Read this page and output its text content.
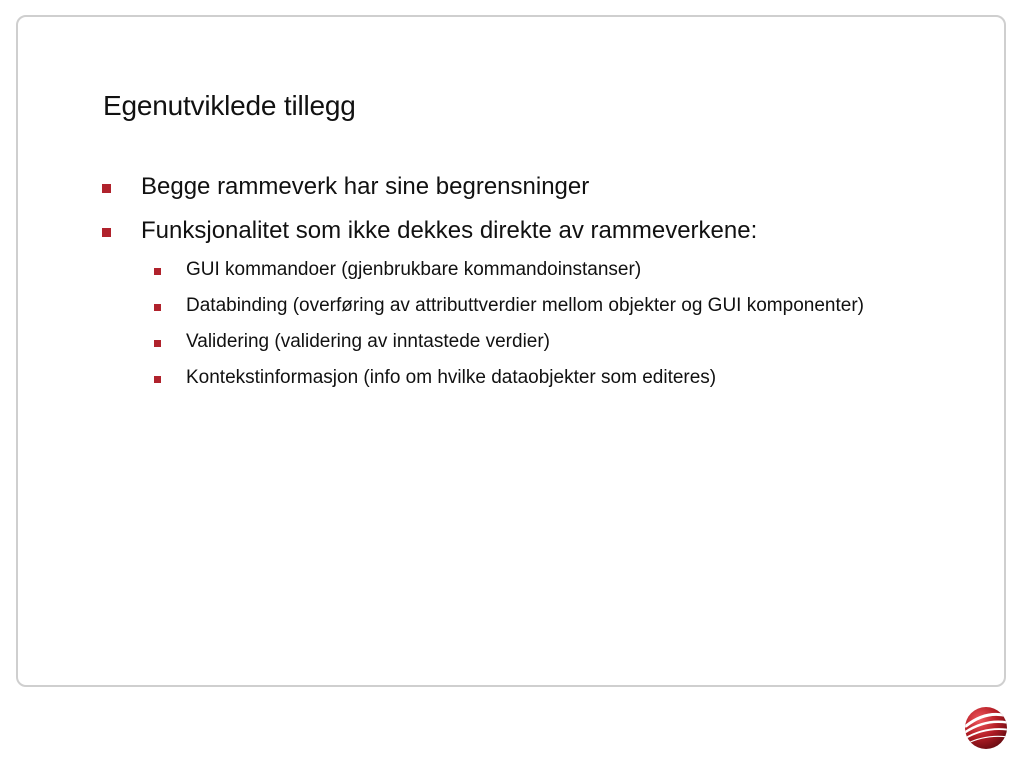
Egenutviklede tillegg
Begge rammeverk har sine begrensninger
Funksjonalitet som ikke dekkes direkte av rammeverkene:
GUI kommandoer (gjenbrukbare kommandoinstanser)
Databinding (overføring av attributtverdier mellom objekter og GUI komponenter)
Validering (validering av inntastede verdier)
Kontekstinformasjon (info om hvilke dataobjekter som editeres)
